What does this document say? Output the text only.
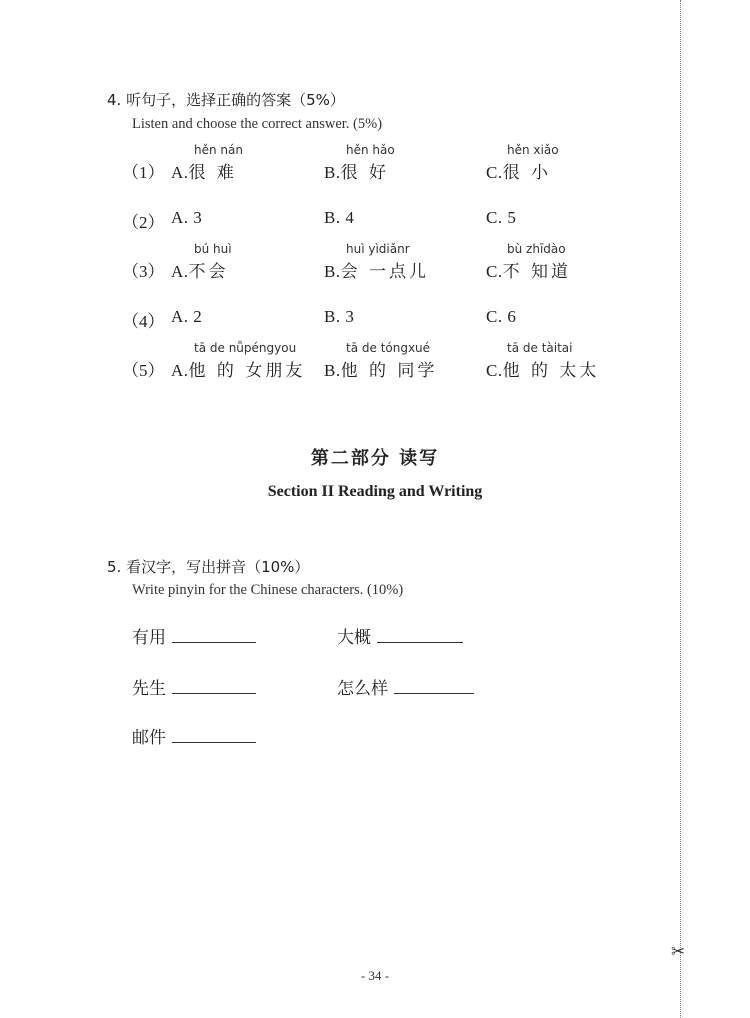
✂
4. 听句子，选择正确的答案（5%）
Listen and choose the correct answer. (5%)
hěn nán	hěn hǎo	hěn xiǎo
（1） A.很 难	B.很 好	C.很 小
（2） A. 3	B. 4	C. 5
bú huì	huì yìdiǎnr	bù zhīdào
（3） A.不会	B.会 一点儿	C.不 知道
（4） A. 2	B. 3	C. 6
tā de nǚpéngyou	tā de tóngxué	tā de tàitai
（5） A.他 的 女朋友 B.他 的 同学	C.他 的 太太
第二部分 读写
Section II Reading and Writing
5. 看汉字，写出拼音（10%）
Write pinyin for the Chinese characters. (10%)
有用	大概
先生	怎么样
邮件
- 34 -
